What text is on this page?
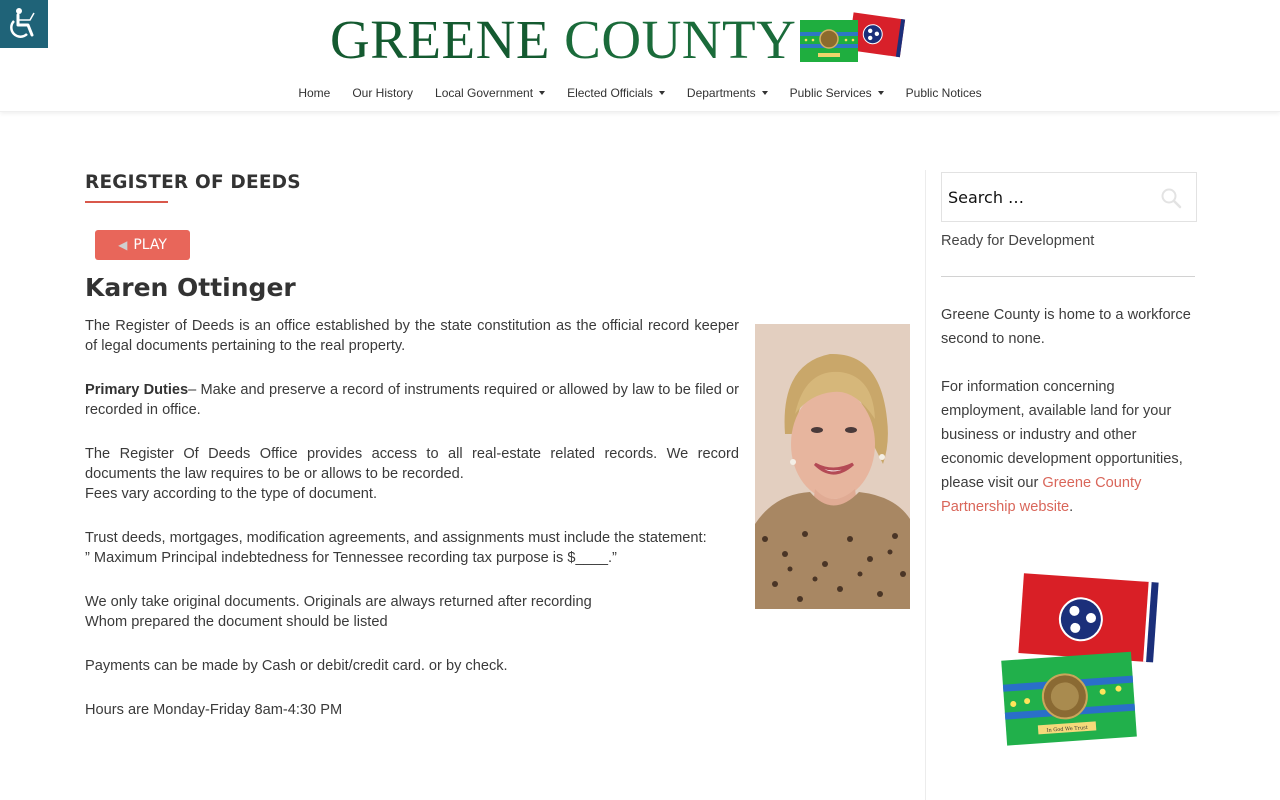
GREENE COUNTY
Home Our History Local Government	Elected Officials	Departments	Public Services	Public Notices
REGISTER OF DEEDS
◀ PLAY
Karen Ottinger

The Register of Deeds is an office established by the state constitution as the official record keeper of legal documents pertaining to the real property.

Primary Duties– Make and preserve a record of instruments required or allowed by law to be filed or recorded in office.

The Register Of Deeds Office provides access to all real-estate related records. We record documents the law requires to be or allows to be recorded.
Fees vary according to the type of document.

Trust deeds, mortgages, modification agreements, and assignments must include the statement:
” Maximum Principal indebtedness for Tennessee recording tax purpose is $____.”

We only take original documents. Originals are always returned after recording
Whom prepared the document should be listed

Payments can be made by Cash or debit/credit card. or by check.

Hours are Monday-Friday 8am-4:30 PM

Search …
Ready for Development

Greene County is home to a workforce second to none.

For information concerning employment, available land for your business or industry and other economic development opportunities, please visit our Greene County Partnership website.

In God We Trust
